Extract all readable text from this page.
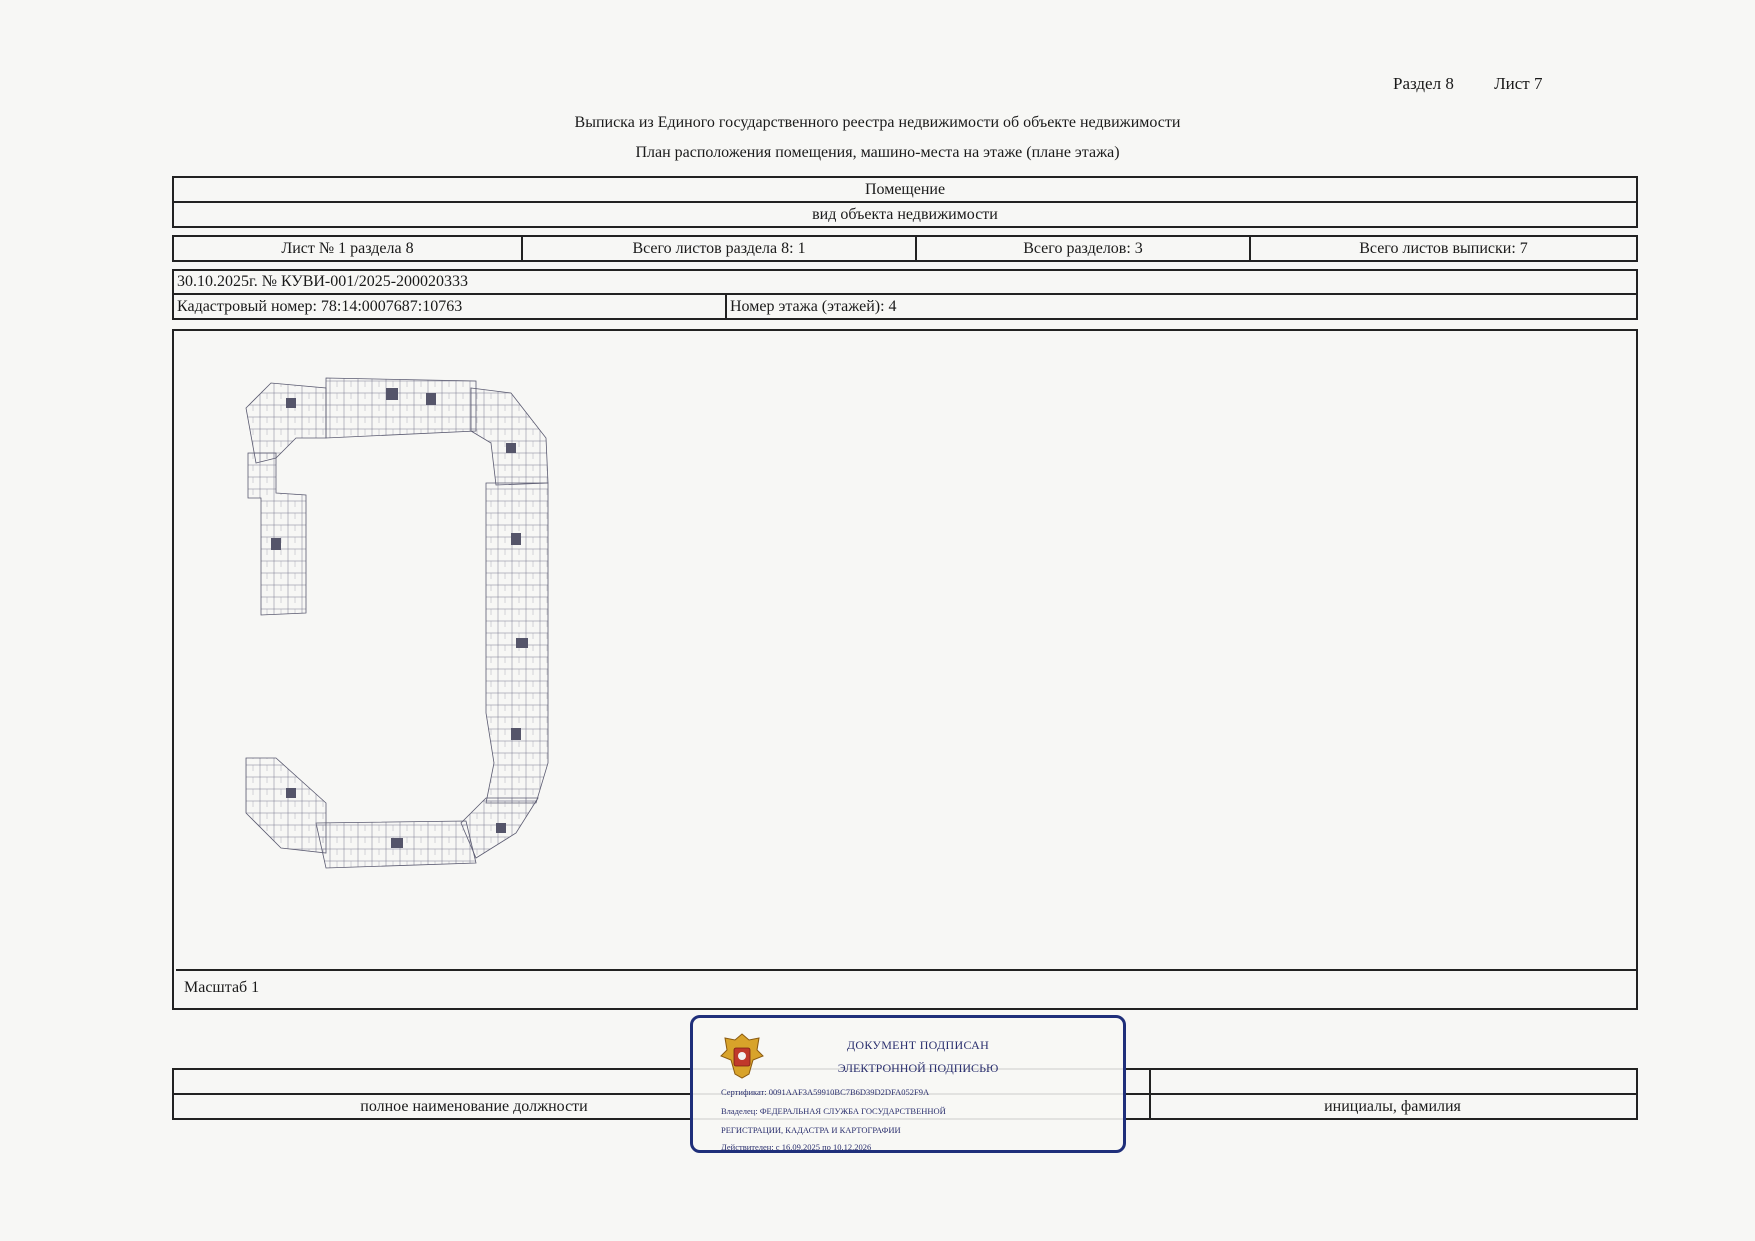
Раздел 8 Лист 7
Выписка из Единого государственного реестра недвижимости об объекте недвижимости
План расположения помещения, машино-места на этаже (плане этажа)
Помещение
вид объекта недвижимости
Лист № 1 раздела 8	Всего листов раздела 8: 1	Всего разделов: 3	Всего листов выписки: 7
30.10.2025г. № КУВИ-001/2025-200020333
Кадастровый номер: 78:14:0007687:10763	Номер этажа (этажей): 4
Масштаб 1
полное наименование должности	инициалы, фамилия
ДОКУМЕНТ ПОДПИСАН
ЭЛЕКТРОННОЙ ПОДПИСЬЮ
Сертификат: 0091AAF3A59910BC7B6D39D2DFA052F9A
Владелец: ФЕДЕРАЛЬНАЯ СЛУЖБА ГОСУДАРСТВЕННОЙ
РЕГИСТРАЦИИ, КАДАСТРА И КАРТОГРАФИИ
Действителен: с 16.09.2025 по 10.12.2026
